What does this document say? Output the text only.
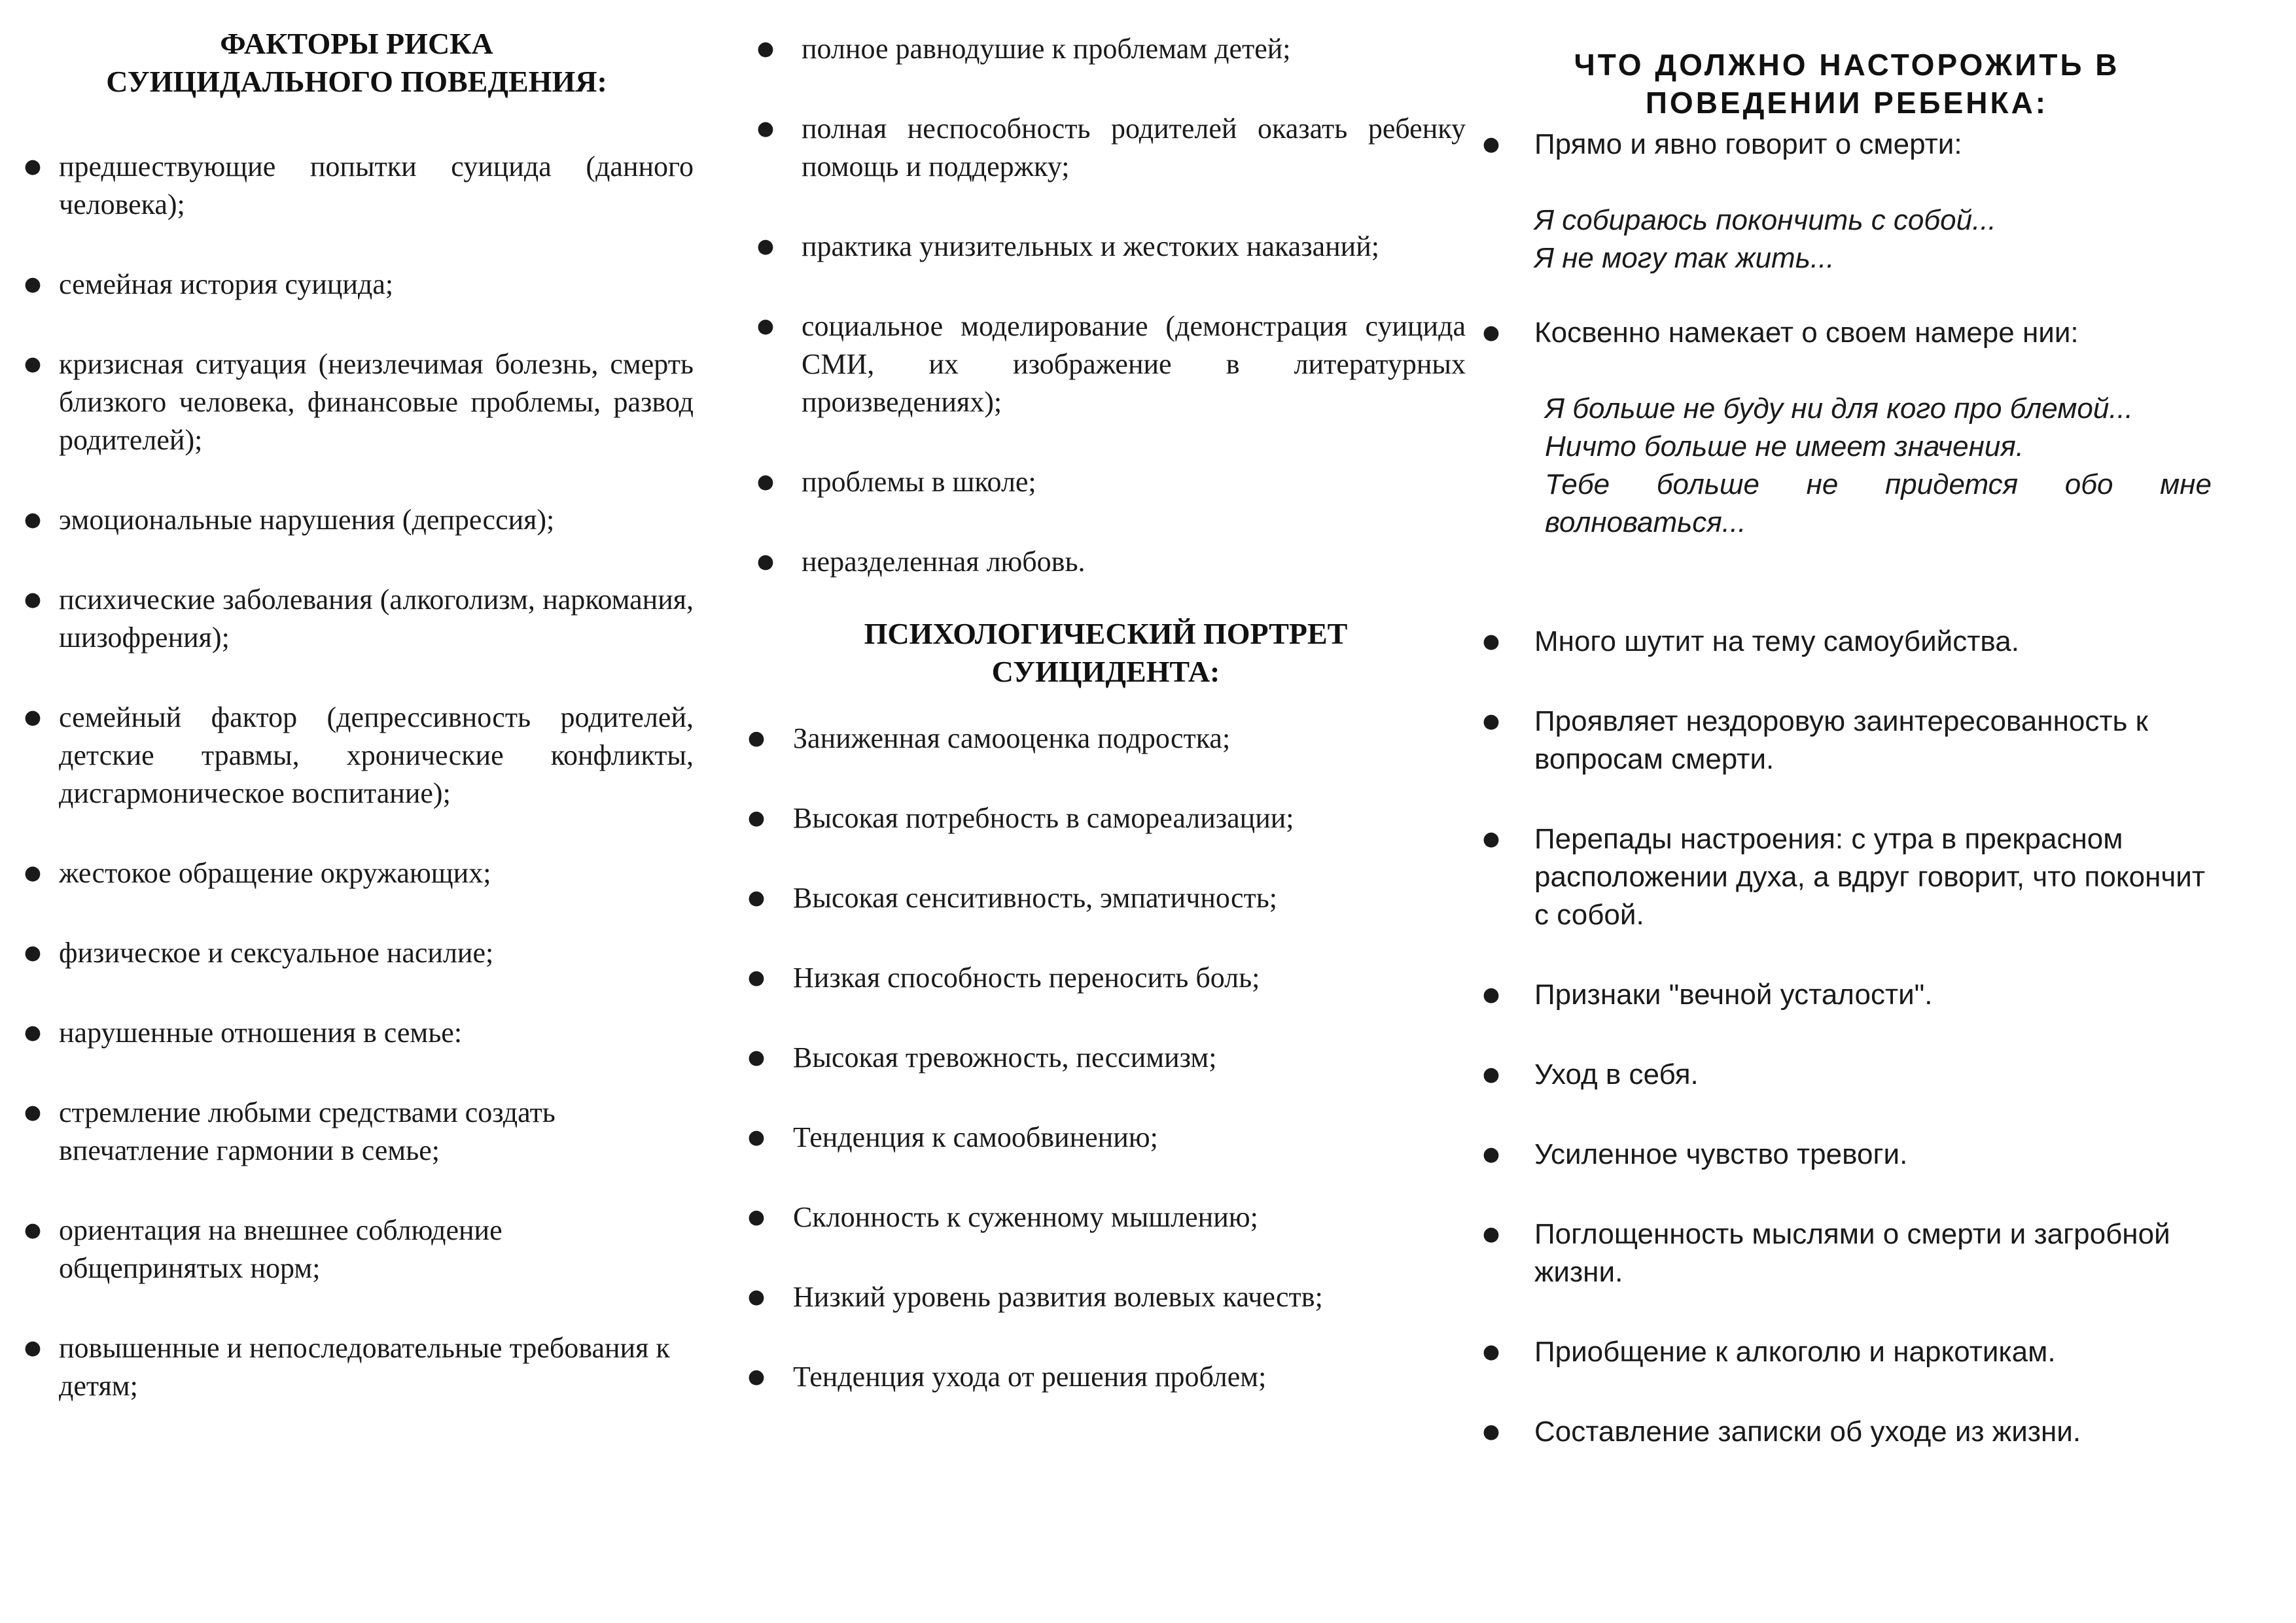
ФАКТОРЫ РИСКА
СУИЦИДАЛЬНОГО ПОВЕДЕНИЯ:
● предшествующие попытки суицида (данного человека);
● семейная история суицида;
● кризисная ситуация (неизлечимая болезнь, смерть близкого человека, финансовые проблемы, развод родителей);
● эмоциональные нарушения (депрессия);
● психические заболевания (алкоголизм, наркомания, шизофрения);
● семейный фактор (депрессивность родителей, детские травмы, хронические конфликты, дисгармоническое воспитание);
● жестокое обращение окружающих;
● физическое и сексуальное насилие;
● нарушенные отношения в семье:
● стремление любыми средствами создать впечатление гармонии в семье;
● ориентация на внешнее соблюдение общепринятых норм;
● повышенные и непоследовательные требования к детям;
● полное равнодушие к проблемам детей;
● полная неспособность родителей оказать ребенку помощь и поддержку;
● практика унизительных и жестоких наказаний;
● социальное моделирование (демонстрация суицида СМИ, их изображение в литературных произведениях);
● проблемы в школе;
● неразделенная любовь.
ПСИХОЛОГИЧЕСКИЙ ПОРТРЕТ
СУИЦИДЕНТА:
● Заниженная самооценка подростка;
● Высокая потребность в самореализации;
● Высокая сенситивность, эмпатичность;
● Низкая способность переносить боль;
● Высокая тревожность, пессимизм;
● Тенденция к самообвинению;
● Склонность к суженному мышлению;
● Низкий уровень развития волевых качеств;
● Тенденция ухода от решения проблем;
ЧТО ДОЛЖНО НАСТОРОЖИТЬ В
ПОВЕДЕНИИ РЕБЕНКА:
● Прямо и явно говорит о смерти:
Я собираюсь покончить с собой...
Я не могу так жить...
● Косвенно намекает о своем намере нии:
Я больше не буду ни для кого про блемой...
Ничто больше не имеет значения.
Тебе больше не придется обо мне
волноваться...
● Много шутит на тему самоубийства.
● Проявляет нездоровую заинтересованность к вопросам смерти.
● Перепады настроения: с утра в прекрасном расположении духа, а вдруг говорит, что покончит с собой.
● Признаки "вечной усталости".
● Уход в себя.
● Усиленное чувство тревоги.
● Поглощенность мыслями о смерти и загробной жизни.
● Приобщение к алкоголю и наркотикам.
● Составление записки об уходе из жизни.
